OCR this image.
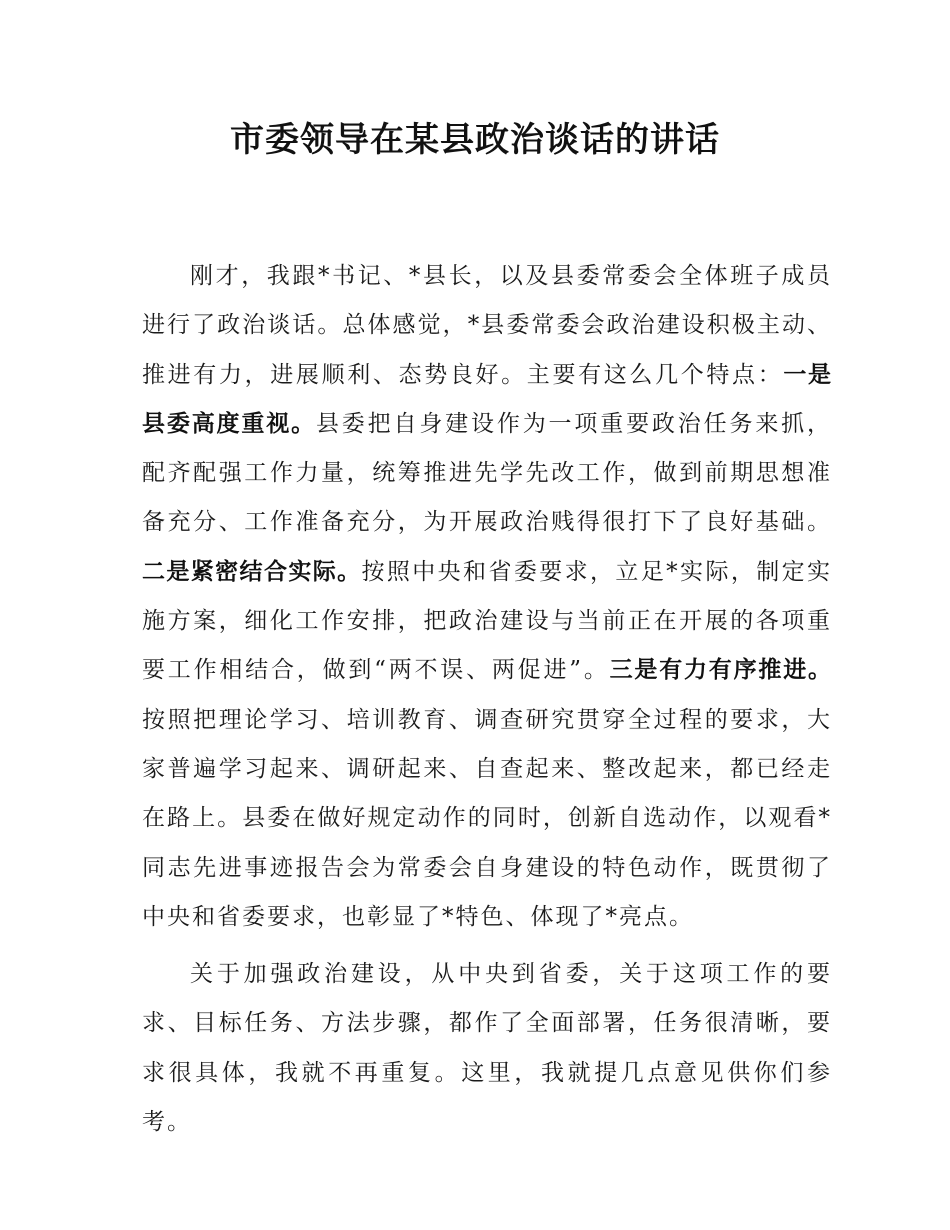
市委领导在某县政治谈话的讲话

刚才，我跟*书记、*县长，以及县委常委会全体班子成员进行了政治谈话。总体感觉，*县委常委会政治建设积极主动、推进有力，进展顺利、态势良好。主要有这么几个特点：一是县委高度重视。县委把自身建设作为一项重要政治任务来抓，配齐配强工作力量，统筹推进先学先改工作，做到前期思想准备充分、工作准备充分，为开展政治贱得很打下了良好基础。二是紧密结合实际。按照中央和省委要求，立足*实际，制定实施方案，细化工作安排，把政治建设与当前正在开展的各项重要工作相结合，做到“两不误、两促进”。三是有力有序推进。按照把理论学习、培训教育、调查研究贯穿全过程的要求，大家普遍学习起来、调研起来、自查起来、整改起来，都已经走在路上。县委在做好规定动作的同时，创新自选动作，以观看*同志先进事迹报告会为常委会自身建设的特色动作，既贯彻了中央和省委要求，也彰显了*特色、体现了*亮点。

关于加强政治建设，从中央到省委，关于这项工作的要求、目标任务、方法步骤，都作了全面部署，任务很清晰，要求很具体，我就不再重复。这里，我就提几点意见供你们参考。
